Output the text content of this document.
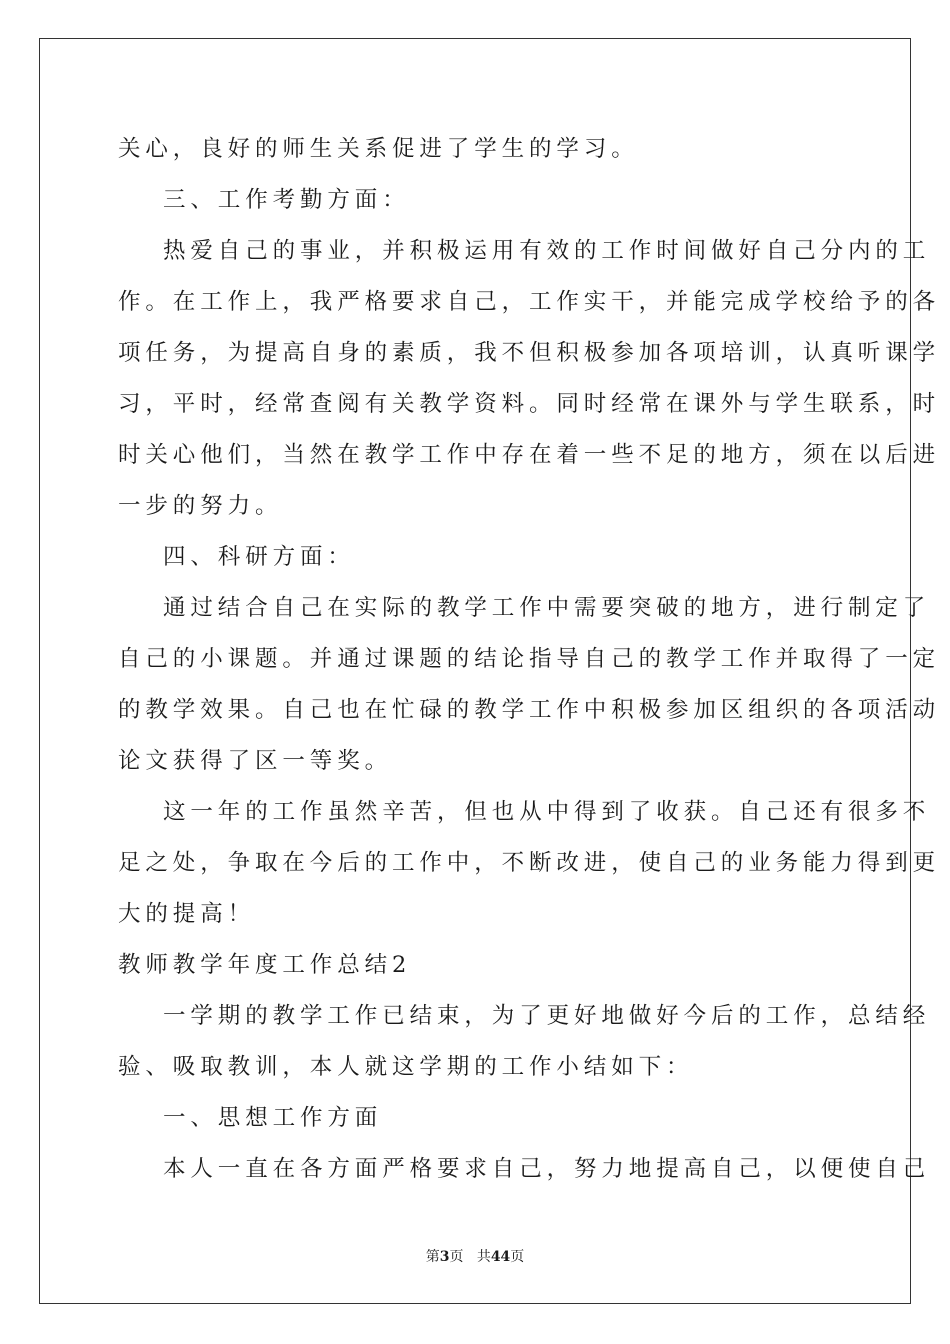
关心，良好的师生关系促进了学生的学习。
三、工作考勤方面：
热爱自己的事业，并积极运用有效的工作时间做好自己分内的工
作。在工作上，我严格要求自己，工作实干，并能完成学校给予的各
项任务，为提高自身的素质，我不但积极参加各项培训，认真听课学
习，平时，经常查阅有关教学资料。同时经常在课外与学生联系，时
时关心他们，当然在教学工作中存在着一些不足的地方，须在以后进
一步的努力。
四、科研方面：
通过结合自己在实际的教学工作中需要突破的地方，进行制定了
自己的小课题。并通过课题的结论指导自己的教学工作并取得了一定
的教学效果。自己也在忙碌的教学工作中积极参加区组织的各项活动
论文获得了区一等奖。
这一年的工作虽然辛苦，但也从中得到了收获。自己还有很多不
足之处，争取在今后的工作中，不断改进，使自己的业务能力得到更
大的提高！
教师教学年度工作总结2
一学期的教学工作已结束，为了更好地做好今后的工作，总结经
验、吸取教训，本人就这学期的工作小结如下：
一、思想工作方面
本人一直在各方面严格要求自己，努力地提高自己，以便使自己
第3页 共44页
